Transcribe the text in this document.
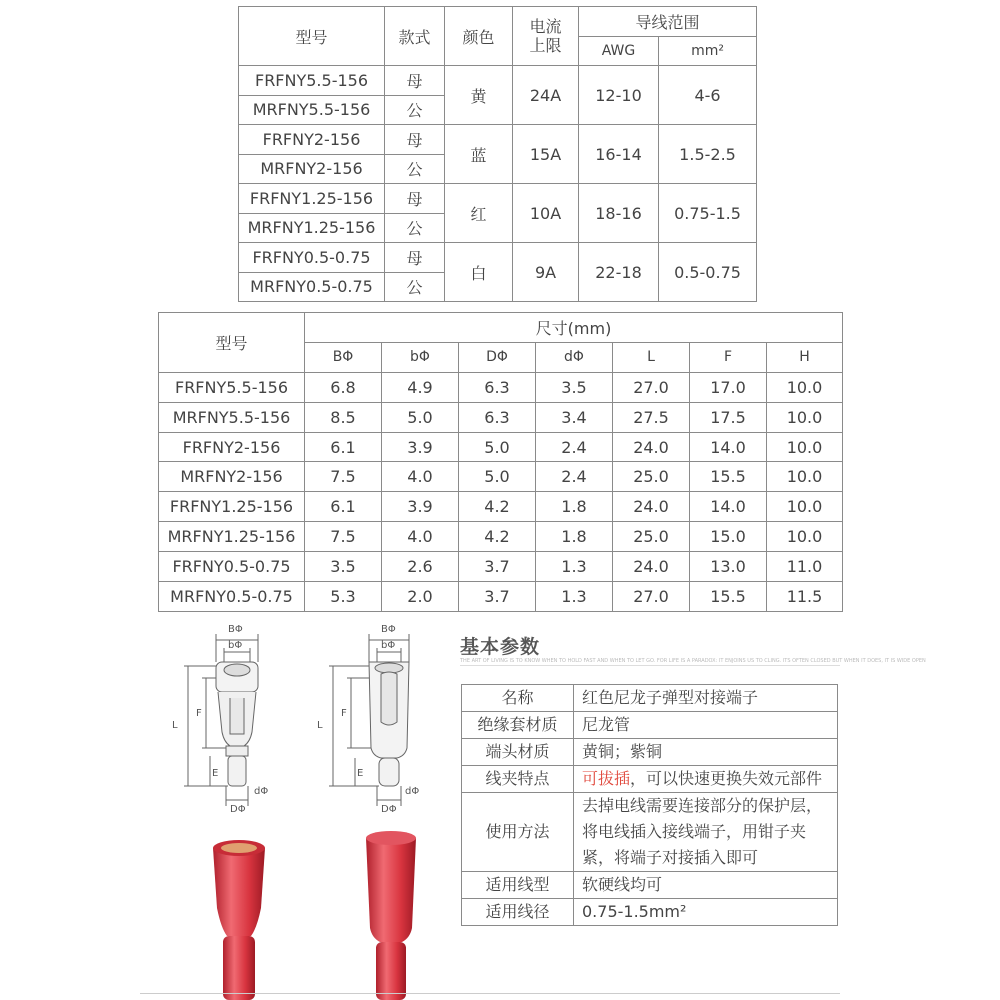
型号	款式	颜色	电流
上限	导线范围	
				AWG	mm²
FRFNY5.5-156	母	黄	24A	12-10	4-6
MRFNY5.5-156	公				
FRFNY2-156	母	蓝	15A	16-14	1.5-2.5
MRFNY2-156	公				
FRFNY1.25-156	母	红	10A	18-16	0.75-1.5
MRFNY1.25-156	公				
FRFNY0.5-0.75	母	白	9A	22-18	0.5-0.75
MRFNY0.5-0.75	公				
型号	尺寸(mm)						
	BΦ	bΦ	DΦ	dΦ	L	F	H
FRFNY5.5-156	6.8	4.9	6.3	3.5	27.0	17.0	10.0
MRFNY5.5-156	8.5	5.0	6.3	3.4	27.5	17.5	10.0
FRFNY2-156	6.1	3.9	5.0	2.4	24.0	14.0	10.0
MRFNY2-156	7.5	4.0	5.0	2.4	25.0	15.5	10.0
FRFNY1.25-156	6.1	3.9	4.2	1.8	24.0	14.0	10.0
MRFNY1.25-156	7.5	4.0	4.2	1.8	25.0	15.0	10.0
FRFNY0.5-0.75	3.5	2.6	3.7	1.3	24.0	13.0	11.0
MRFNY0.5-0.75	5.3	2.0	3.7	1.3	27.0	15.5	11.5
BΦ
bΦ
L
F
E
DΦ
dΦ
BΦ
bΦ
L
F
E
DΦ
dΦ
基本参数
THE ART OF LIVING IS TO KNOW WHEN TO HOLD FAST AND WHEN TO LET GO. FOR LIFE IS A PARADOX: IT ENJOINS US TO CLING. ITS OFTEN CLOSED BUT WHEN IT DOES, IT IS WIDE OPEN
名称	红色尼龙子弹型对接端子
绝缘套材质	尼龙管
端头材质	黄铜；紫铜
线夹特点	可拔插，可以快速更换失效元部件
使用方法	去掉电线需要连接部分的保护层，将电线插入接线端子，用钳子夹紧，将端子对接插入即可
适用线型	软硬线均可
适用线径	0.75-1.5mm²
